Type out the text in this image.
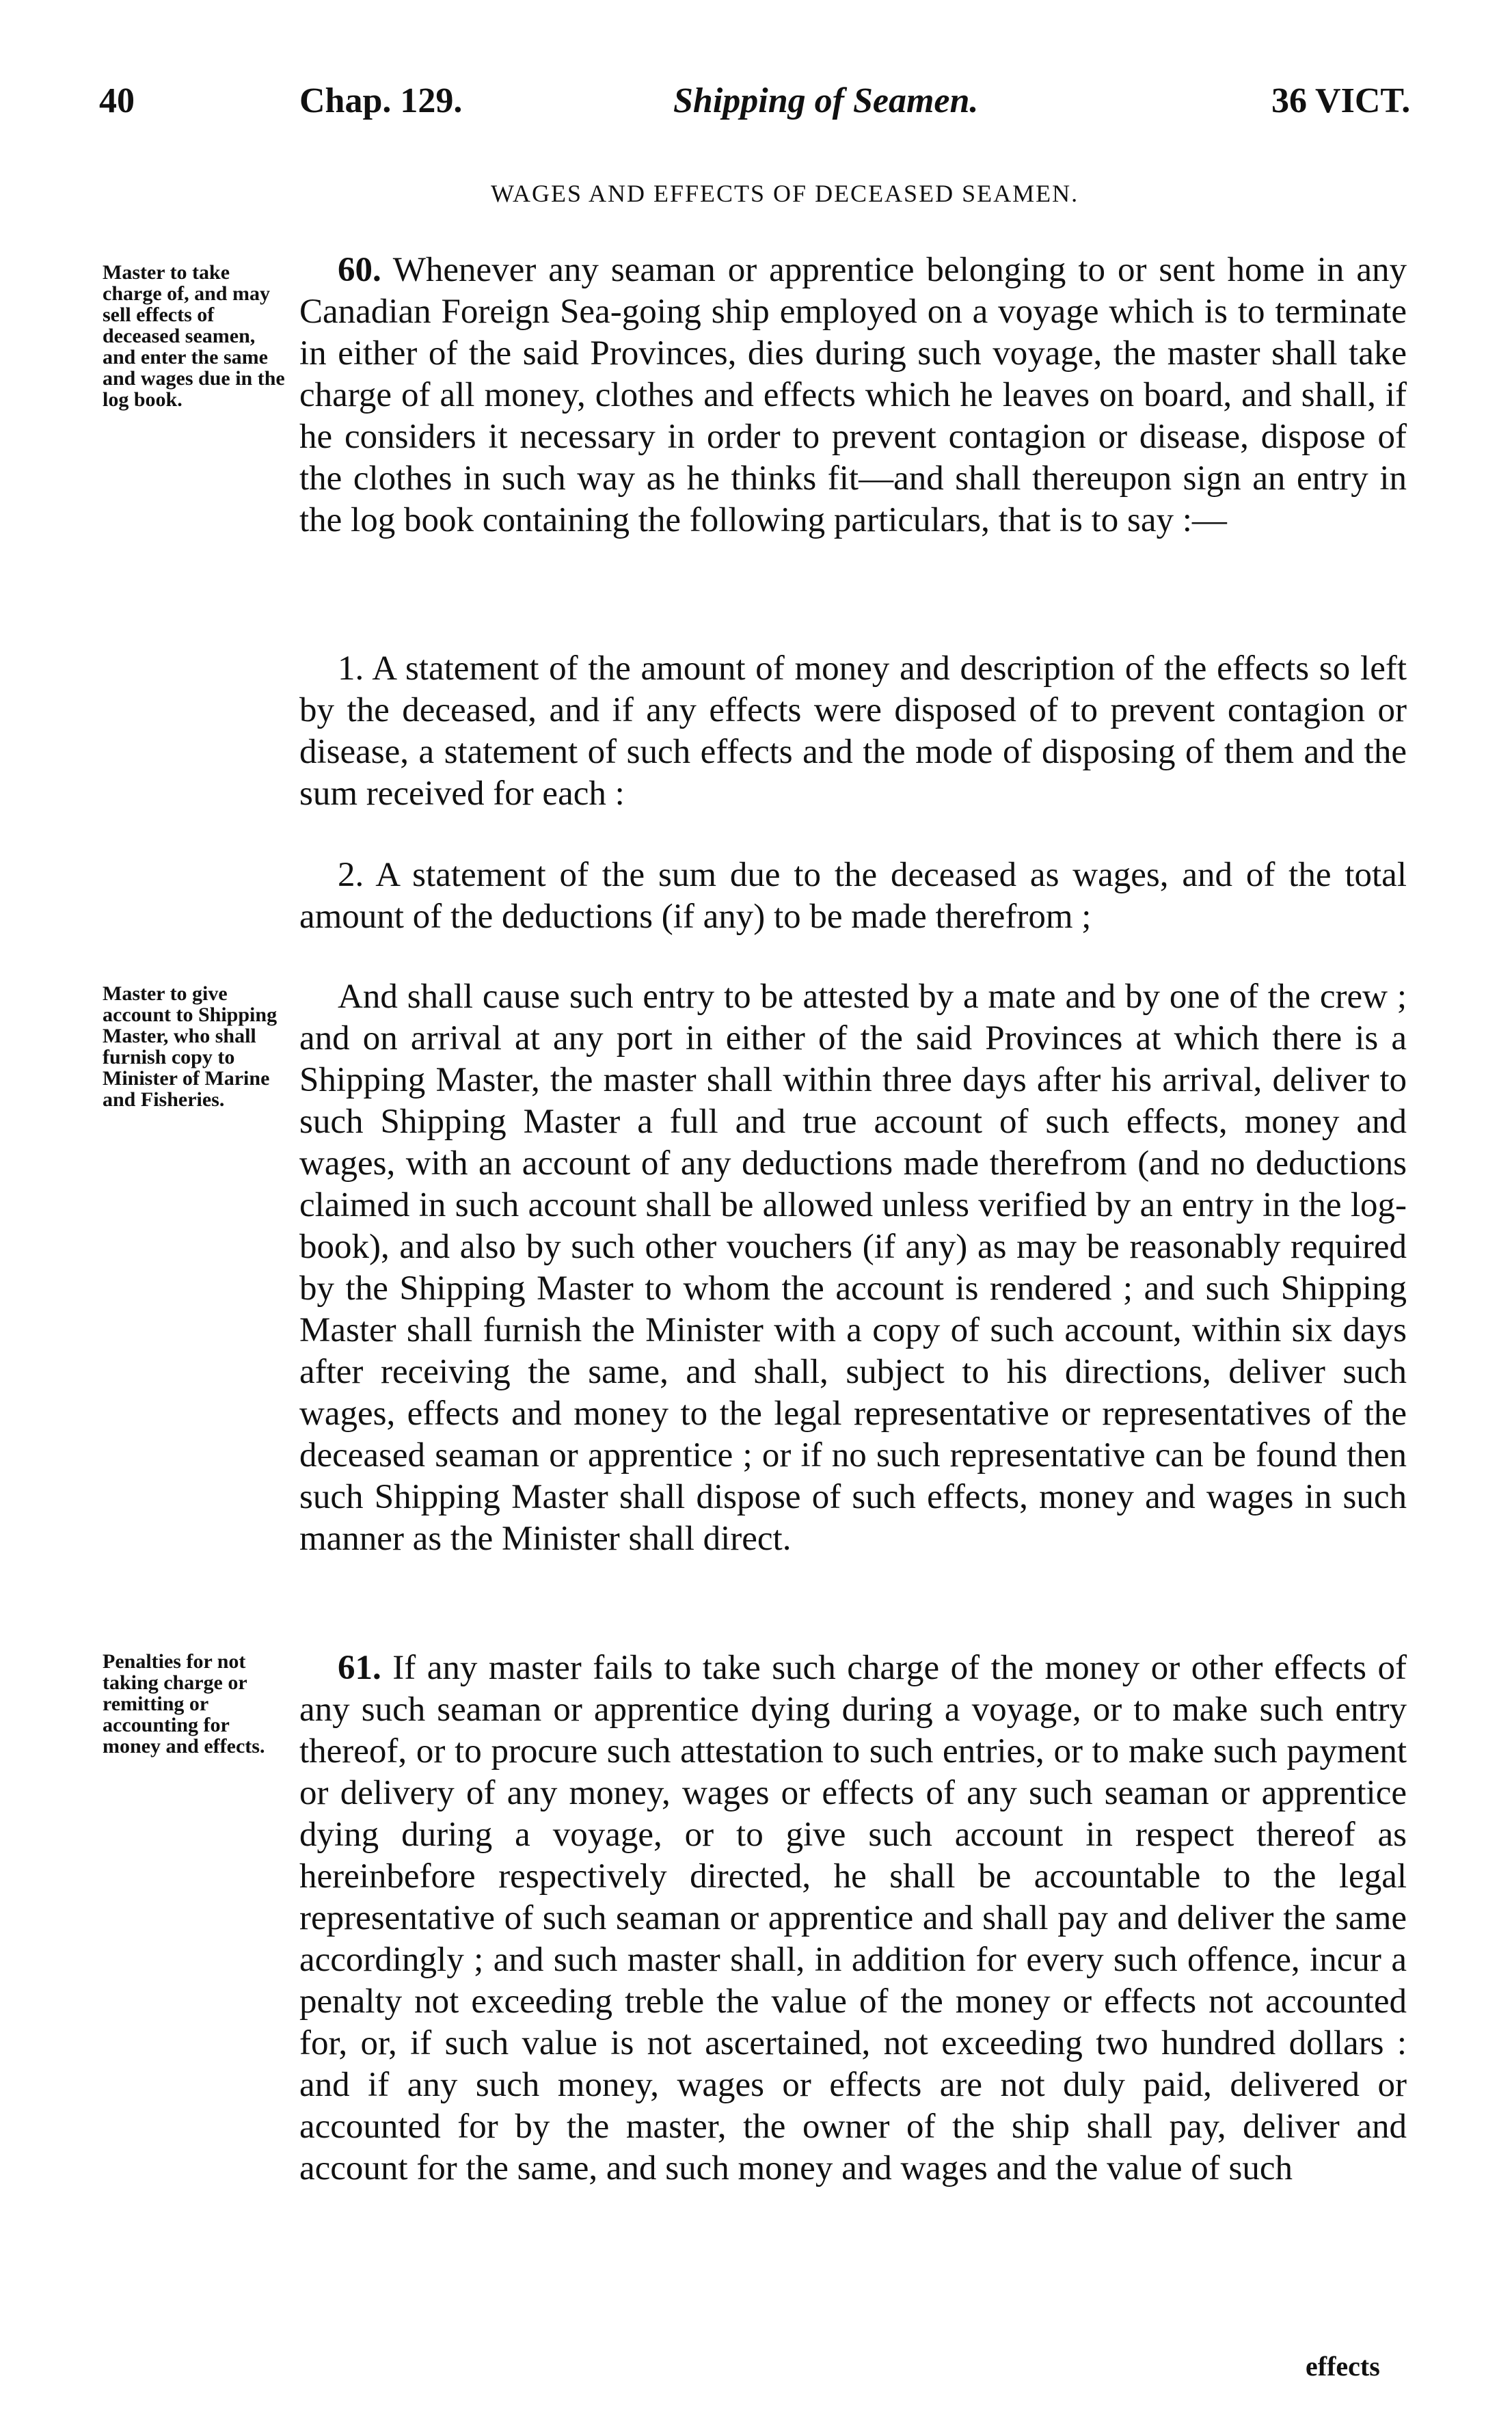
40	Chap. 129.	Shipping of Seamen.	36 VICT.
WAGES AND EFFECTS OF DECEASED SEAMEN.
Master to take charge of, and may sell effects of deceased seamen, and enter the same and wages due in the log book.

60. Whenever any seaman or apprentice belonging to or sent home in any Canadian Foreign Sea-going ship employed on a voyage which is to terminate in either of the said Provinces, dies during such voyage, the master shall take charge of all money, clothes and effects which he leaves on board, and shall, if he considers it necessary in order to prevent contagion or disease, dispose of the clothes in such way as he thinks fit—and shall thereupon sign an entry in the log book containing the following particulars, that is to say :—

1. A statement of the amount of money and description of the effects so left by the deceased, and if any effects were disposed of to prevent contagion or disease, a statement of such effects and the mode of disposing of them and the sum received for each :

2. A statement of the sum due to the deceased as wages, and of the total amount of the deductions (if any) to be made therefrom ;

Master to give account to Shipping Master, who shall furnish copy to Minister of Marine and Fisheries.

And shall cause such entry to be attested by a mate and by one of the crew ; and on arrival at any port in either of the said Provinces at which there is a Shipping Master, the master shall within three days after his arrival, deliver to such Shipping Master a full and true account of such effects, money and wages, with an account of any deductions made therefrom (and no deductions claimed in such account shall be allowed unless verified by an entry in the log-book), and also by such other vouchers (if any) as may be reasonably required by the Shipping Master to whom the account is rendered ; and such Shipping Master shall furnish the Minister with a copy of such account, within six days after receiving the same, and shall, subject to his directions, deliver such wages, effects and money to the legal representative or representatives of the deceased seaman or apprentice ; or if no such representative can be found then such Shipping Master shall dispose of such effects, money and wages in such manner as the Minister shall direct.

Penalties for not taking charge or remitting or accounting for money and effects.

61. If any master fails to take such charge of the money or other effects of any such seaman or apprentice dying during a voyage, or to make such entry thereof, or to procure such attestation to such entries, or to make such payment or delivery of any money, wages or effects of any such seaman or apprentice dying during a voyage, or to give such account in respect thereof as hereinbefore respectively directed, he shall be accountable to the legal representative of such seaman or apprentice and shall pay and deliver the same accordingly ; and such master shall, in addition for every such offence, incur a penalty not exceeding treble the value of the money or effects not accounted for, or, if such value is not ascertained, not exceeding two hundred dollars : and if any such money, wages or effects are not duly paid, delivered or accounted for by the master, the owner of the ship shall pay, deliver and account for the same, and such money and wages and the value of such

effects
